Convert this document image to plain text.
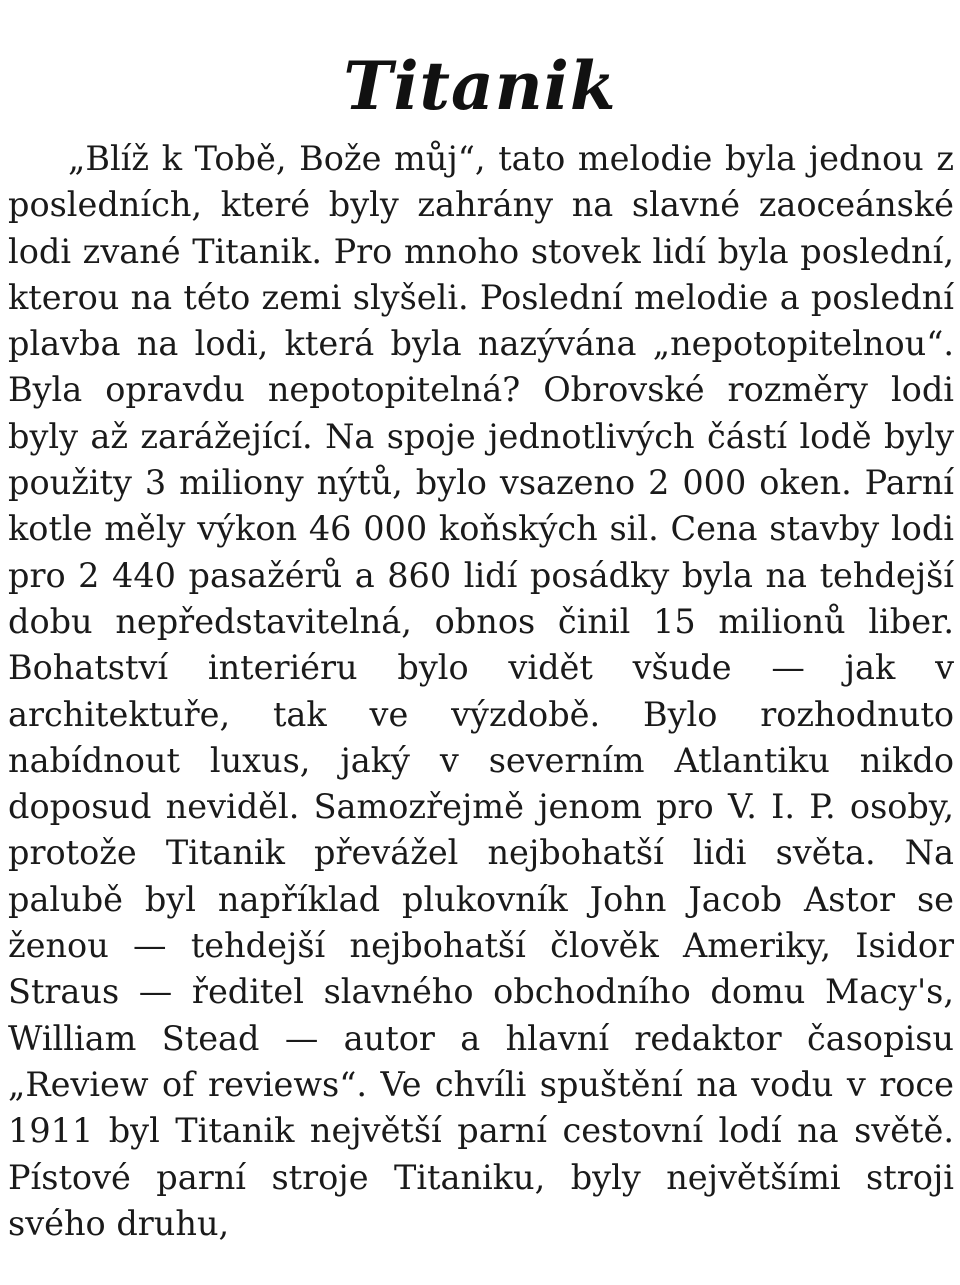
Titanik

„Blíž k Tobě, Bože můj“, tato melodie byla jednou z posledních, které byly zahrány na slavné zaoceánské lodi zvané Titanik. Pro mnoho stovek lidí byla poslední, kterou na této zemi slyšeli. Poslední melodie a poslední plavba na lodi, která byla nazývána „nepotopitelnou“. Byla opravdu nepotopitelná? Obrovské rozměry lodi byly až zarážející. Na spoje jednotlivých částí lodě byly použity 3 miliony nýtů, bylo vsazeno 2 000 oken. Parní kotle měly výkon 46 000 koňských sil. Cena stavby lodi pro 2 440 pasažérů a 860 lidí posádky byla na tehdejší dobu nepředstavitelná, obnos činil 15 milionů liber. Bohatství interiéru bylo vidět všude — jak v architektuře, tak ve výzdobě. Bylo rozhodnuto nabídnout luxus, jaký v severním Atlantiku nikdo doposud neviděl. Samozřejmě jenom pro V. I. P. osoby, protože Titanik převážel nejbohatší lidi světa. Na palubě byl například plukovník John Jacob Astor se ženou — tehdejší nejbohatší člověk Ameriky, Isidor Straus — ředitel slavného obchodního domu Macy's, William Stead — autor a hlavní redaktor časopisu „Review of reviews“. Ve chvíli spuštění na vodu v roce 1911 byl Titanik největší parní cestovní lodí na světě. Pístové parní stroje Titaniku, byly největšími stroji svého druhu,
